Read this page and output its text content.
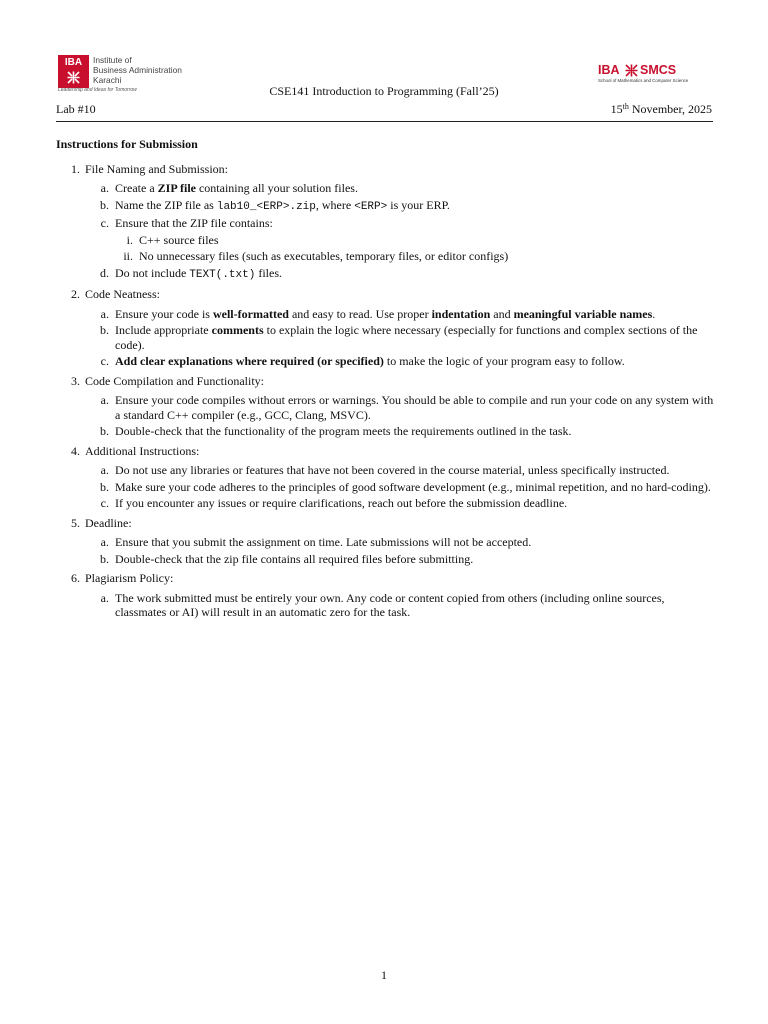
IBA	Institute of
Business Administration
Karachi
Leadership and Ideas for Tomorrow
IBA SMCS
School of Mathematics and Computer Science
CSE141 Introduction to Programming (Fall’25)
Lab #10	15th November, 2025
Instructions for Submission
1. File Naming and Submission:
a. Create a ZIP file containing all your solution files.
b. Name the ZIP file as lab10_<ERP>.zip, where <ERP> is your ERP.
c. Ensure that the ZIP file contains:
i. C++ source files
ii. No unnecessary files (such as executables, temporary files, or editor configs)
d. Do not include TEXT(.txt) files.
2. Code Neatness:
a. Ensure your code is well-formatted and easy to read. Use proper indentation and meaningful variable names.
b. Include appropriate comments to explain the logic where necessary (especially for functions and complex sections of the code).
c. Add clear explanations where required (or specified) to make the logic of your program easy to follow.
3. Code Compilation and Functionality:
a. Ensure your code compiles without errors or warnings. You should be able to compile and run your code on any system with a standard C++ compiler (e.g., GCC, Clang, MSVC).
b. Double-check that the functionality of the program meets the requirements outlined in the task.
4. Additional Instructions:
a. Do not use any libraries or features that have not been covered in the course material, unless specifically instructed.
b. Make sure your code adheres to the principles of good software development (e.g., minimal repetition, and no hard-coding).
c. If you encounter any issues or require clarifications, reach out before the submission deadline.
5. Deadline:
a. Ensure that you submit the assignment on time. Late submissions will not be accepted.
b. Double-check that the zip file contains all required files before submitting.
6. Plagiarism Policy:
a. The work submitted must be entirely your own. Any code or content copied from others (including online sources, classmates or AI) will result in an automatic zero for the task.
1
